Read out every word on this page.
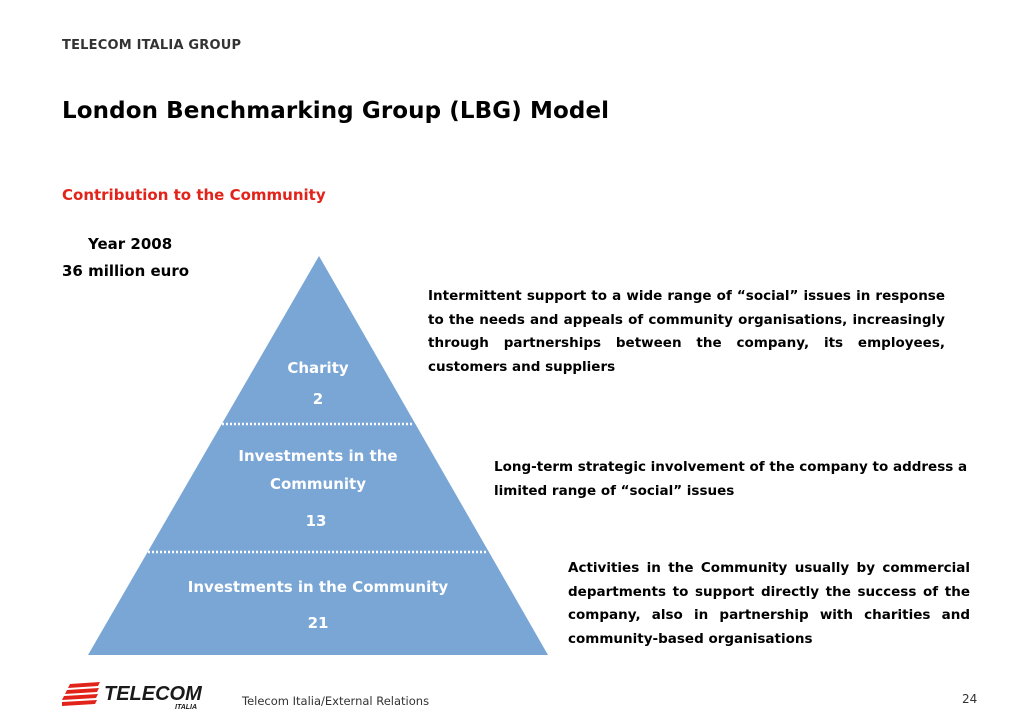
TELECOM ITALIA GROUP
London Benchmarking Group (LBG) Model
Contribution to the Community
Year 2008
36 million euro
Charity
2
Investments in the
Community
13
Investments in the Community
21
Intermittent support to a wide range of “social” issues in response to the needs and appeals of community organisations, increasingly through partnerships between the company, its employees, customers and suppliers
Long-term strategic involvement of the company to address a limited range of “social” issues
Activities in the Community usually by commercial departments to support directly the success of the company, also in partnership with charities and community-based organisations
TELECOM
ITALIA	Telecom Italia/External Relations	24
